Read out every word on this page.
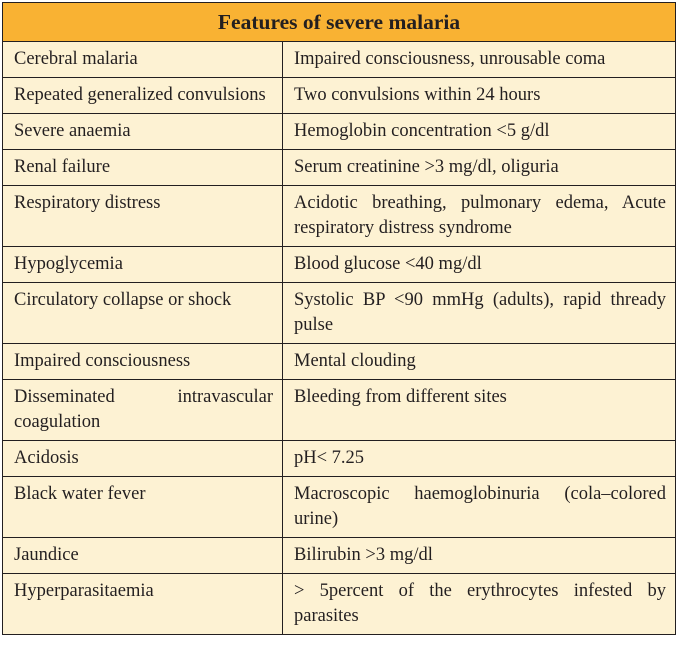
Features of severe malaria	
Cerebral malaria	Impaired consciousness, unrousable coma
Repeated generalized convulsions	Two convulsions within 24 hours
Severe anaemia	Hemoglobin concentration <5 g/dl
Renal failure	Serum creatinine >3 mg/dl, oliguria
Respiratory distress	Acidotic breathing, pulmonary edema, Acute respiratory distress syndrome
Hypoglycemia	Blood glucose <40 mg/dl
Circulatory collapse or shock	Systolic BP <90 mmHg (adults), rapid thready pulse
Impaired consciousness	Mental clouding
Disseminated intravascular coagulation	Bleeding from different sites
Acidosis	pH< 7.25
Black water fever	Macroscopic haemoglobinuria (cola–colored urine)
Jaundice	Bilirubin >3 mg/dl
Hyperparasitaemia	> 5percent of the erythrocytes infested by parasites
